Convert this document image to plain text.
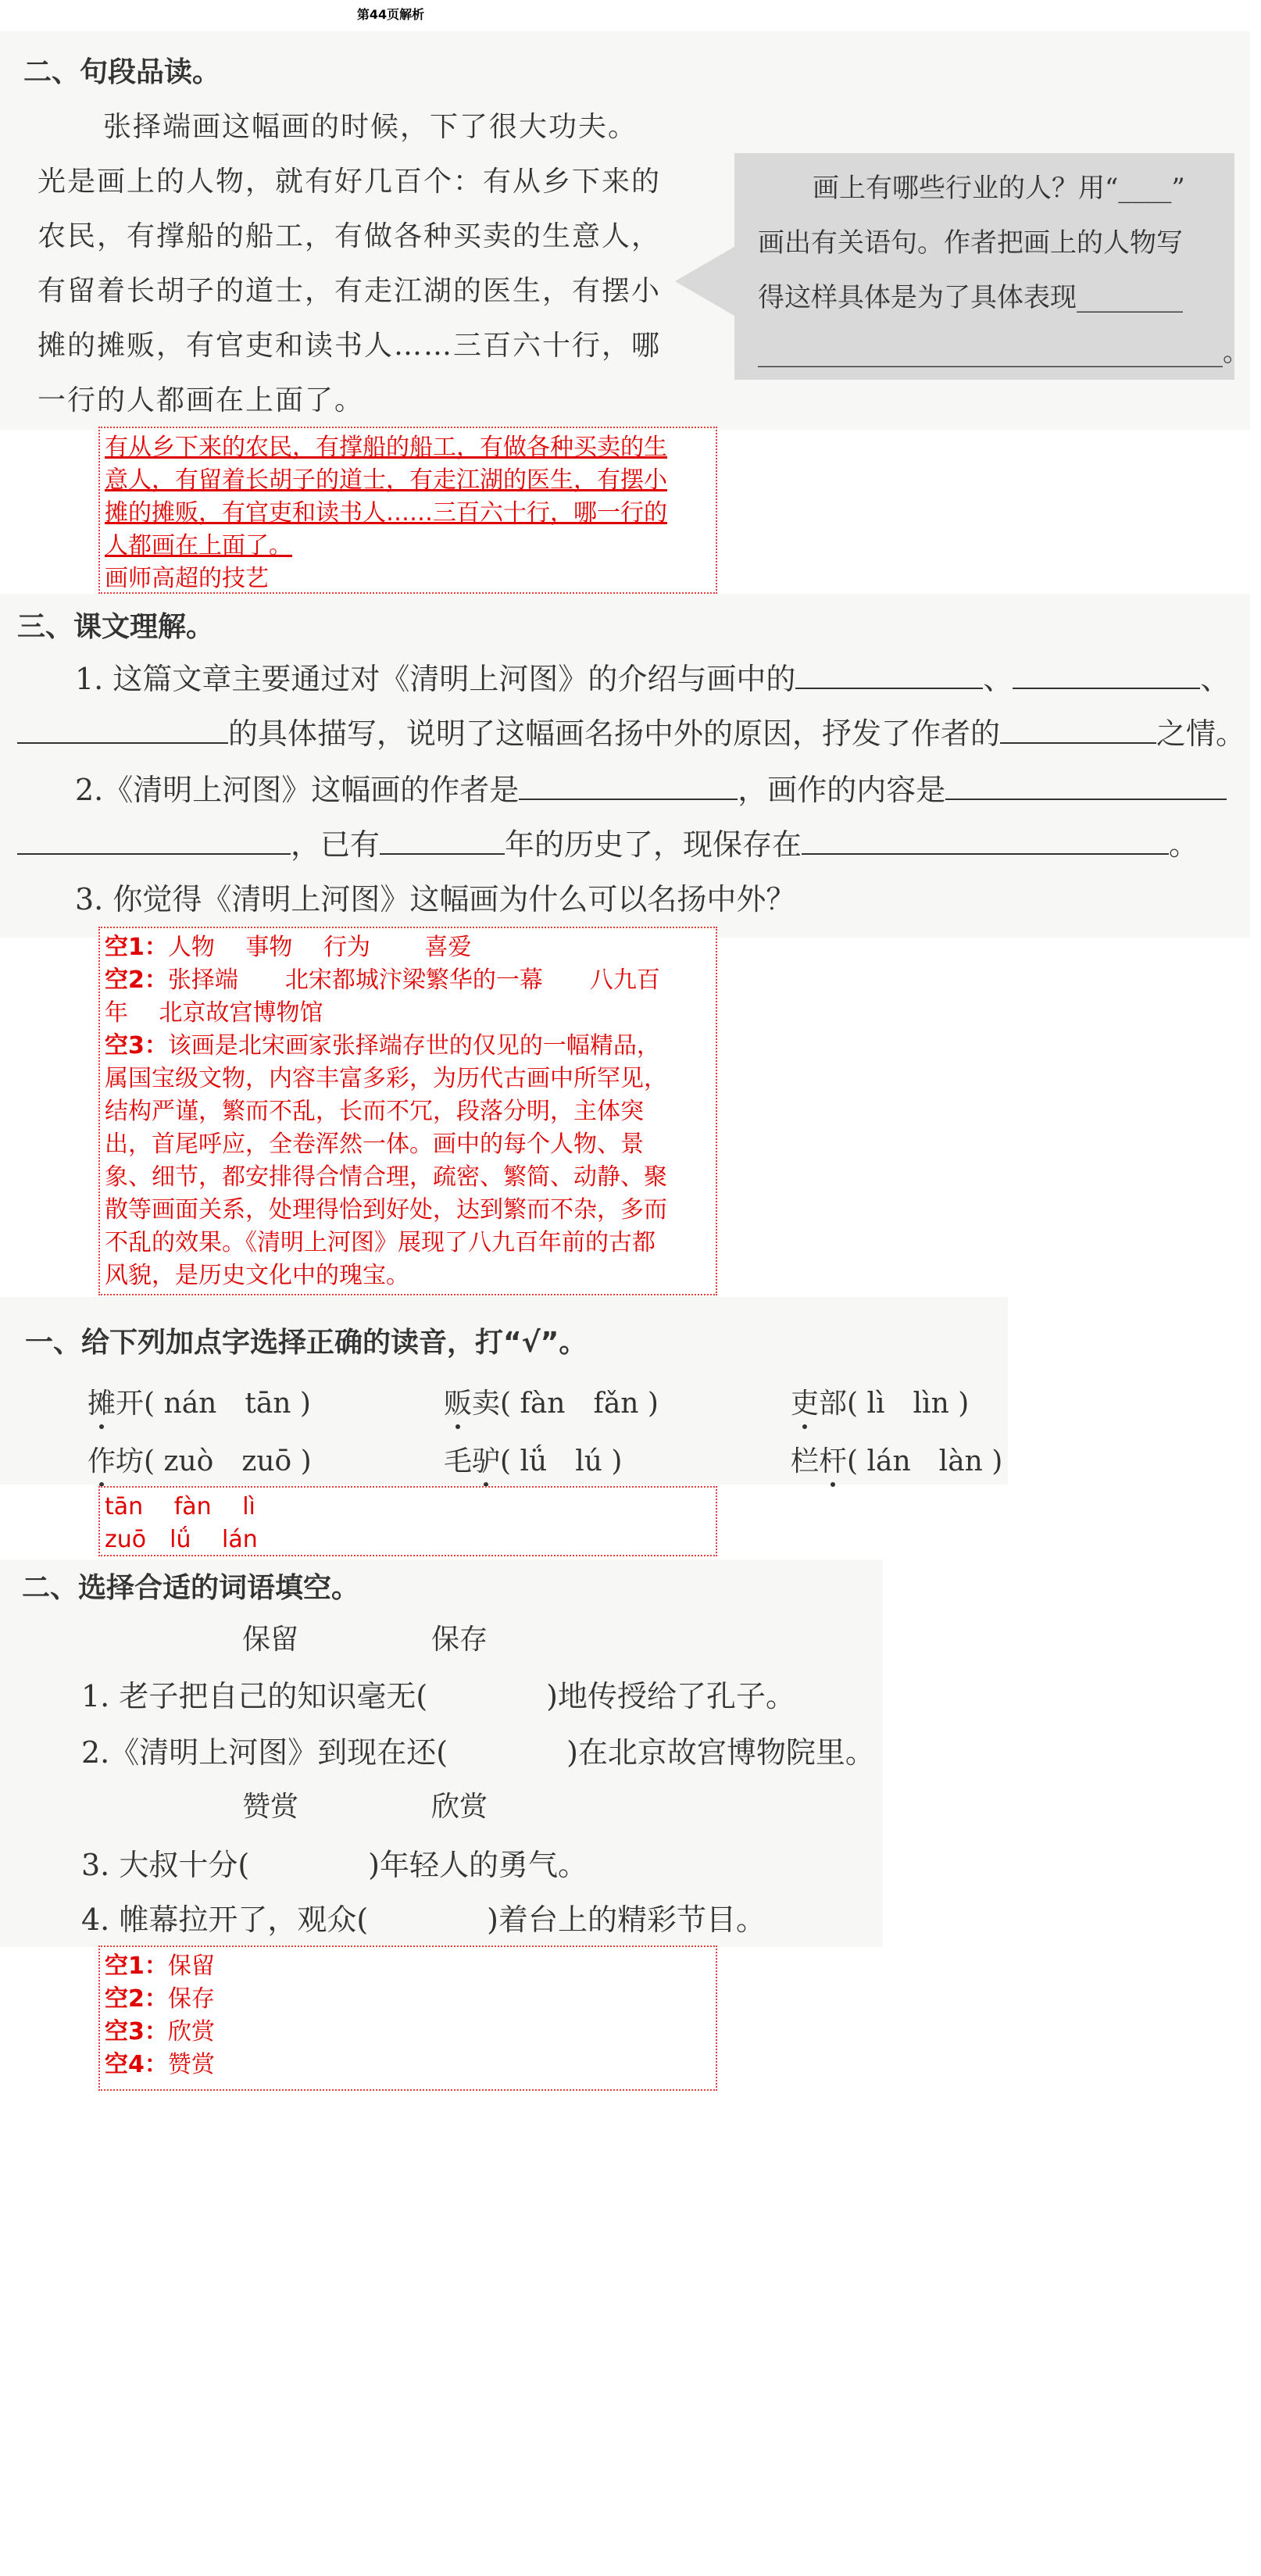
第44页解析
二、句段品读。
张择端画这幅画的时候，下了很大功夫。
光是画上的人物，就有好几百个：有从乡下来的
农民，有撑船的船工，有做各种买卖的生意人，
有留着长胡子的道士，有走江湖的医生，有摆小
摊的摊贩，有官吏和读书人……三百六十行，哪
一行的人都画在上面了。
画上有哪些行业的人？用“____”
画出有关语句。作者把画上的人物写
得这样具体是为了具体表现________
___________________________________。
有从乡下来的农民，有撑船的船工，有做各种买卖的生
意人，有留着长胡子的道士，有走江湖的医生，有摆小
摊的摊贩，有官吏和读书人……三百六十行，哪一行的
人都画在上面了。
画师高超的技艺
三、课文理解。
1. 这篇文章主要通过对《清明上河图》的介绍与画中的	、	、
的具体描写，说明了这幅画名扬中外的原因，抒发了作者的	之情。
2.《清明上河图》这幅画的作者是	，画作的内容是
，已有	年的历史了，现保存在	。
3. 你觉得《清明上河图》这幅画为什么可以名扬中外？
空1：人物　 事物　 行为　　 喜爱
空2：张择端　　北宋都城汴梁繁华的一幕　　八九百
年　 北京故宫博物馆
空3：该画是北宋画家张择端存世的仅见的一幅精品，
属国宝级文物，内容丰富多彩，为历代古画中所罕见，
结构严谨，繁而不乱，长而不冗，段落分明，主体突
出，首尾呼应，全卷浑然一体。画中的每个人物、景
象、细节，都安排得合情合理，疏密、繁简、动静、聚
散等画面关系，处理得恰到好处，达到繁而不杂，多而
不乱的效果。《清明上河图》展现了八九百年前的古都
风貌，是历史文化中的瑰宝。
一、给下列加点字选择正确的读音，打“√”。
摊开( nán　tān )	贩卖( fàn　fǎn )	吏部( lì　lìn )
作坊( zuò　zuō )	毛驴( lǘ　lú )	栏杆( lán　làn )
tān　 fàn　 lì
zuō　lǘ　 lán
二、选择合适的词语填空。
保留	保存
1. 老子把自己的知识毫无(　　　　)地传授给了孔子。
2.《清明上河图》到现在还(　　　　)在北京故宫博物院里。
赞赏	欣赏
3. 大叔十分(　　　　)年轻人的勇气。
4. 帷幕拉开了，观众(　　　　)着台上的精彩节目。
空1：保留
空2：保存
空3：欣赏
空4：赞赏
